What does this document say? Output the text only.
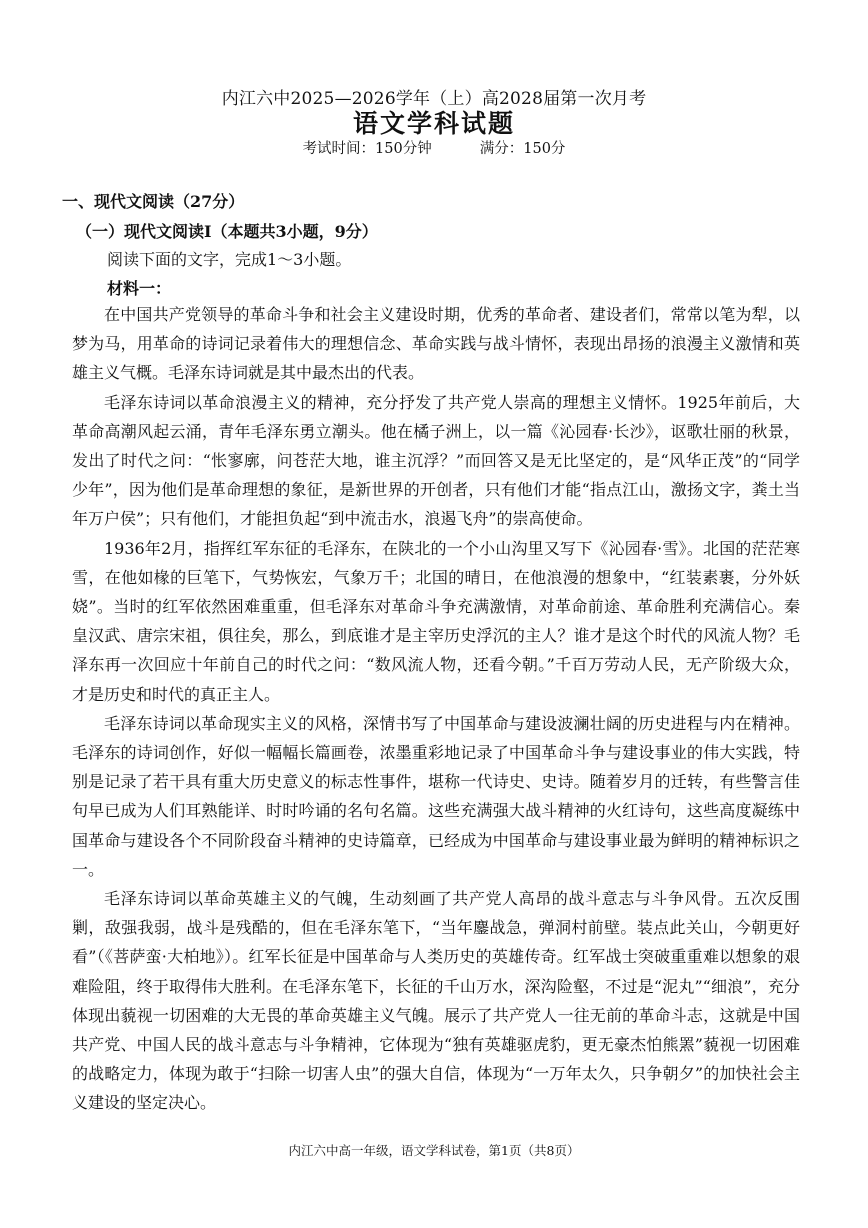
内江六中2025—2026学年（上）高2028届第一次月考
语文学科试题
考试时间：150分钟	满分：150分
一、现代文阅读（27分）
（一）现代文阅读Ⅰ（本题共3小题，9分）
阅读下面的文字，完成1～3小题。
材料一：

在中国共产党领导的革命斗争和社会主义建设时期，优秀的革命者、建设者们，常常以笔为犁，以梦为马，用革命的诗词记录着伟大的理想信念、革命实践与战斗情怀，表现出昂扬的浪漫主义激情和英雄主义气概。毛泽东诗词就是其中最杰出的代表。

毛泽东诗词以革命浪漫主义的精神，充分抒发了共产党人崇高的理想主义情怀。1925年前后，大革命高潮风起云涌，青年毛泽东勇立潮头。他在橘子洲上，以一篇《沁园春·长沙》，讴歌壮丽的秋景，发出了时代之问：“怅寥廓，问苍茫大地，谁主沉浮？”而回答又是无比坚定的，是“风华正茂”的“同学少年”，因为他们是革命理想的象征，是新世界的开创者，只有他们才能“指点江山，激扬文字，粪土当年万户侯”；只有他们，才能担负起“到中流击水，浪遏飞舟”的崇高使命。

1936年2月，指挥红军东征的毛泽东，在陕北的一个小山沟里又写下《沁园春·雪》。北国的茫茫寒雪，在他如椽的巨笔下，气势恢宏，气象万千；北国的晴日，在他浪漫的想象中，“红装素裹，分外妖娆”。当时的红军依然困难重重，但毛泽东对革命斗争充满激情，对革命前途、革命胜利充满信心。秦皇汉武、唐宗宋祖，俱往矣，那么，到底谁才是主宰历史浮沉的主人？谁才是这个时代的风流人物？毛泽东再一次回应十年前自己的时代之问：“数风流人物，还看今朝。”千百万劳动人民，无产阶级大众，才是历史和时代的真正主人。

毛泽东诗词以革命现实主义的风格，深情书写了中国革命与建设波澜壮阔的历史进程与内在精神。毛泽东的诗词创作，好似一幅幅长篇画卷，浓墨重彩地记录了中国革命斗争与建设事业的伟大实践，特别是记录了若干具有重大历史意义的标志性事件，堪称一代诗史、史诗。随着岁月的迁转，有些警言佳句早已成为人们耳熟能详、时时吟诵的名句名篇。这些充满强大战斗精神的火红诗句，这些高度凝练中国革命与建设各个不同阶段奋斗精神的史诗篇章，已经成为中国革命与建设事业最为鲜明的精神标识之一。

毛泽东诗词以革命英雄主义的气魄，生动刻画了共产党人高昂的战斗意志与斗争风骨。五次反围剿，敌强我弱，战斗是残酷的，但在毛泽东笔下，“当年鏖战急，弹洞村前壁。装点此关山，今朝更好看”（《菩萨蛮·大柏地》）。红军长征是中国革命与人类历史的英雄传奇。红军战士突破重重难以想象的艰难险阻，终于取得伟大胜利。在毛泽东笔下，长征的千山万水，深沟险壑，不过是“泥丸”“细浪”，充分体现出藐视一切困难的大无畏的革命英雄主义气魄。展示了共产党人一往无前的革命斗志，这就是中国共产党、中国人民的战斗意志与斗争精神，它体现为“独有英雄驱虎豹，更无豪杰怕熊罴”藐视一切困难的战略定力，体现为敢于“扫除一切害人虫”的强大自信，体现为“一万年太久，只争朝夕”的加快社会主义建设的坚定决心。

内江六中高一年级，语文学科试卷，第1页（共8页）
